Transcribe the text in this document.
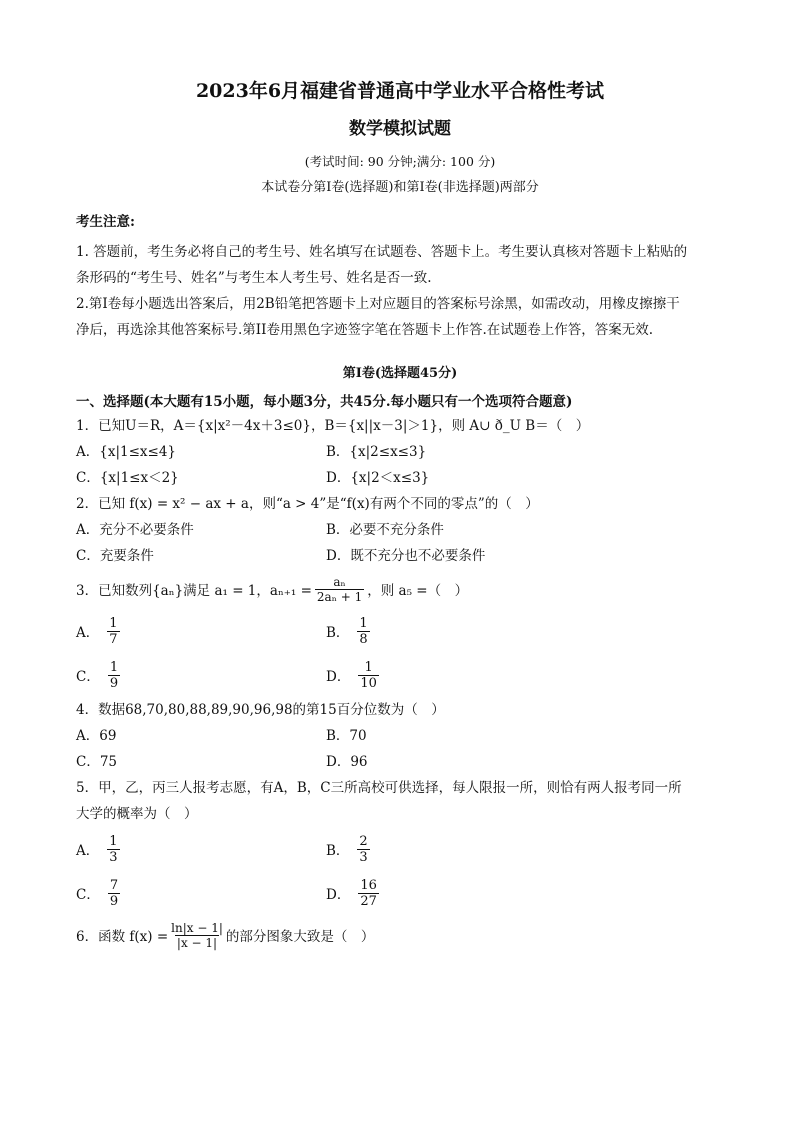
2023年6月福建省普通高中学业水平合格性考试
数学模拟试题
(考试时间: 90 分钟;满分: 100 分)
本试卷分第I卷(选择题)和第I卷(非选择题)两部分
考生注意:

1. 答题前，考生务必将自己的考生号、姓名填写在试题卷、答题卡上。考生要认真核对答题卡上粘贴的

条形码的“考生号、姓名”与考生本人考生号、姓名是否一致.

2.第I卷每小题选出答案后，用2B铅笔把答题卡上对应题目的答案标号涂黑，如需改动，用橡皮擦擦干

净后，再选涂其他答案标号.第II卷用黑色字迹签字笔在答题卡上作答.在试题卷上作答，答案无效.

第I卷(选择题45分)
一、选择题(本大题有15小题，每小题3分，共45分.每小题只有一个选项符合题意)

1．已知U＝R，A＝{x|x²－4x＋3≤0}，B＝{x||x－3|＞1}，则 A∪ ð_U B＝（　）

A．{x|1≤x≤4}	B．{x|2≤x≤3}
C．{x|1≤x＜2}	D．{x|2＜x≤3}

2．已知 f(x) = x² − ax + a，则“a > 4”是“f(x)有两个不同的零点”的（　）

A．充分不必要条件	B．必要不充分条件
C．充要条件	D．既不充分也不必要条件
3．已知数列{aₙ}满足 a₁ = 1，$a_{n+1} = \frac{\text{aₙ}}{\text{2aₙ + 1}}$ ，则 a₅ =（　）
A． $\frac{1}{7}$	B． $\frac{1}{8}$
C． $\frac{1}{9}$	D． $\frac{1}{10}$

4．数据68,70,80,88,89,90,96,98的第15百分位数为（　）

A．69	B．70
C．75	D．96

5．甲，乙，丙三人报考志愿，有A，B，C三所高校可供选择，每人限报一所，则恰有两人报考同一所

大学的概率为（　）

A． $\frac{1}{3}$	B． $\frac{2}{3}$
C． $\frac{7}{9}$	D． $\frac{16}{27}$
6．函数 $f(x) = \frac{\ln|x - 1|}{|x - 1|}$ 的部分图象大致是（　）
